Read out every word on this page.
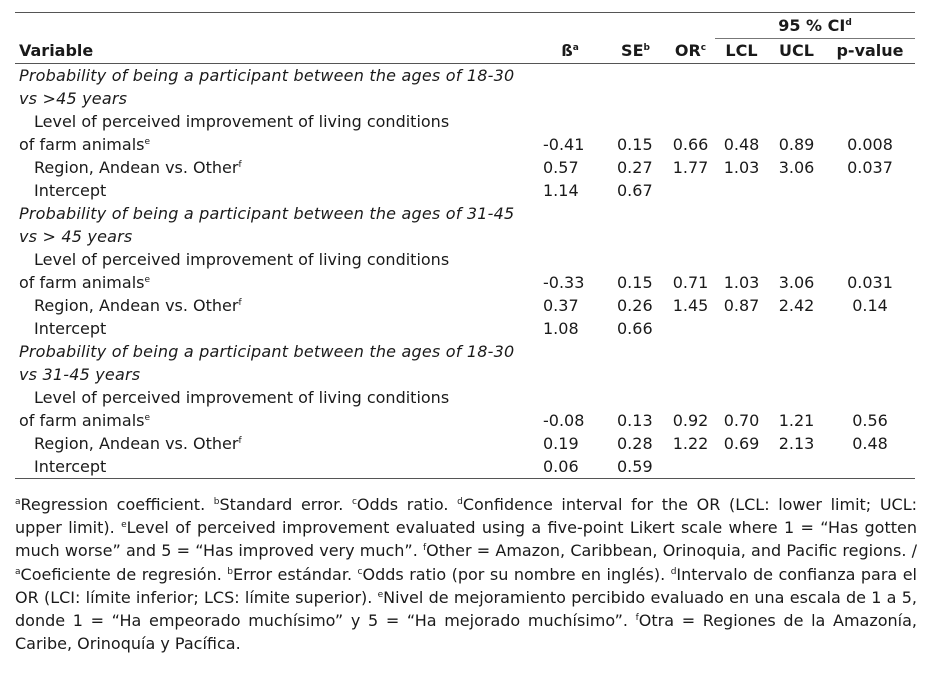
				95 % $CI^d$
Variable	$ß^a$	$SE^b$	$OR^c$	LCL	UCL	p-value
Probability of being a participant between the ages of 18-30 vs >45 years						

Level of perceived improvement of living conditions
of farm animals$^e$	-0.41	0.15	0.66	0.48	0.89	0.008
Region, Andean vs. Other$^f$	0.57	0.27	1.77	1.03	3.06	0.037
Intercept	1.14	0.67				
Probability of being a participant between the ages of 31-45 vs > 45 years						

Level of perceived improvement of living conditions
of farm animals$^e$	-0.33	0.15	0.71	1.03	3.06	0.031
Region, Andean vs. Other$^f$	0.37	0.26	1.45	0.87	2.42	0.14
Intercept	1.08	0.66				
Probability of being a participant between the ages of 18-30 vs 31-45 years						

Level of perceived improvement of living conditions
of farm animals$^e$	-0.08	0.13	0.92	0.70	1.21	0.56
Region, Andean vs. Other$^f$	0.19	0.28	1.22	0.69	2.13	0.48
Intercept	0.06	0.59				
$^a$Regression coefficient. $^b$Standard error. $^c$Odds ratio. $^d$Confidence interval for the OR (LCL: lower limit; UCL: upper limit). $^e$Level of perceived improvement evaluated using a five-point Likert scale where 1 = “Has gotten much worse” and 5 = “Has improved very much”. $^f$Other = Amazon, Caribbean, Orinoquia, and Pacific regions. / $^a$Coeficiente de regresión. $^b$Error estándar. $^c$Odds ratio (por su nombre en inglés). $^d$Intervalo de confianza para el OR (LCI: límite inferior; LCS: límite superior). $^e$Nivel de mejoramiento percibido evaluado en una escala de 1 a 5, donde 1 = “Ha empeorado muchísimo” y 5 = “Ha mejorado muchísimo”. $^f$Otra = Regiones de la Amazonía, Caribe, Orinoquía y Pacífica.
